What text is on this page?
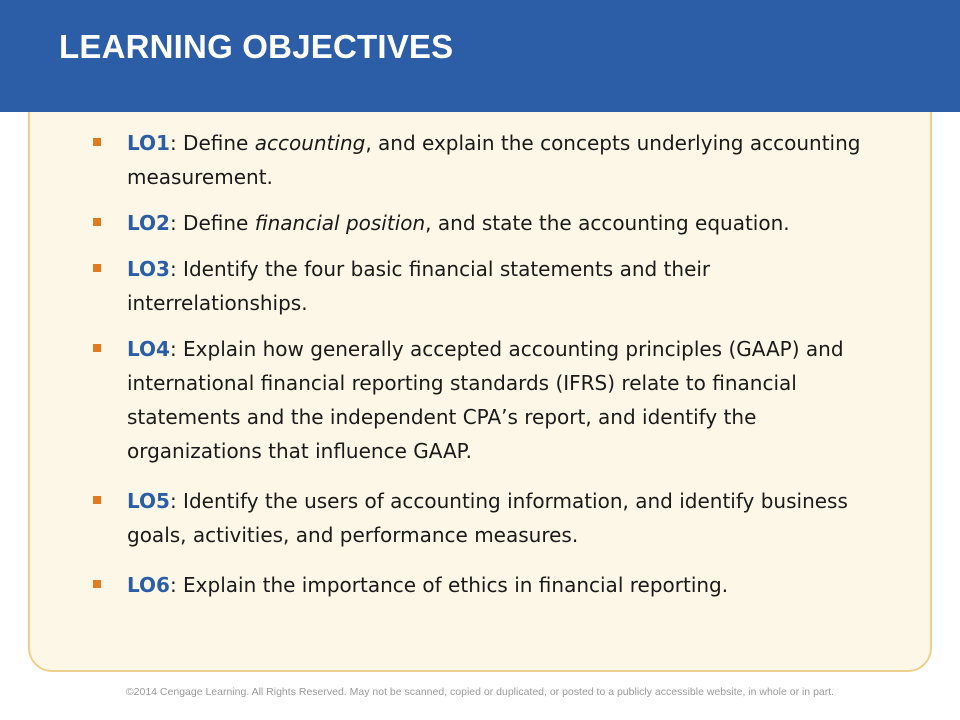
LEARNING OBJECTIVES
LO1: Define accounting, and explain the concepts underlying accounting measurement.
LO2: Define financial position, and state the accounting equation.
LO3: Identify the four basic financial statements and their interrelationships.
LO4: Explain how generally accepted accounting principles (GAAP) and international financial reporting standards (IFRS) relate to financial statements and the independent CPA’s report, and identify the organizations that influence GAAP.
LO5: Identify the users of accounting information, and identify business goals, activities, and performance measures.
LO6: Explain the importance of ethics in financial reporting.
©2014 Cengage Learning. All Rights Reserved. May not be scanned, copied or duplicated, or posted to a publicly accessible website, in whole or in part.
